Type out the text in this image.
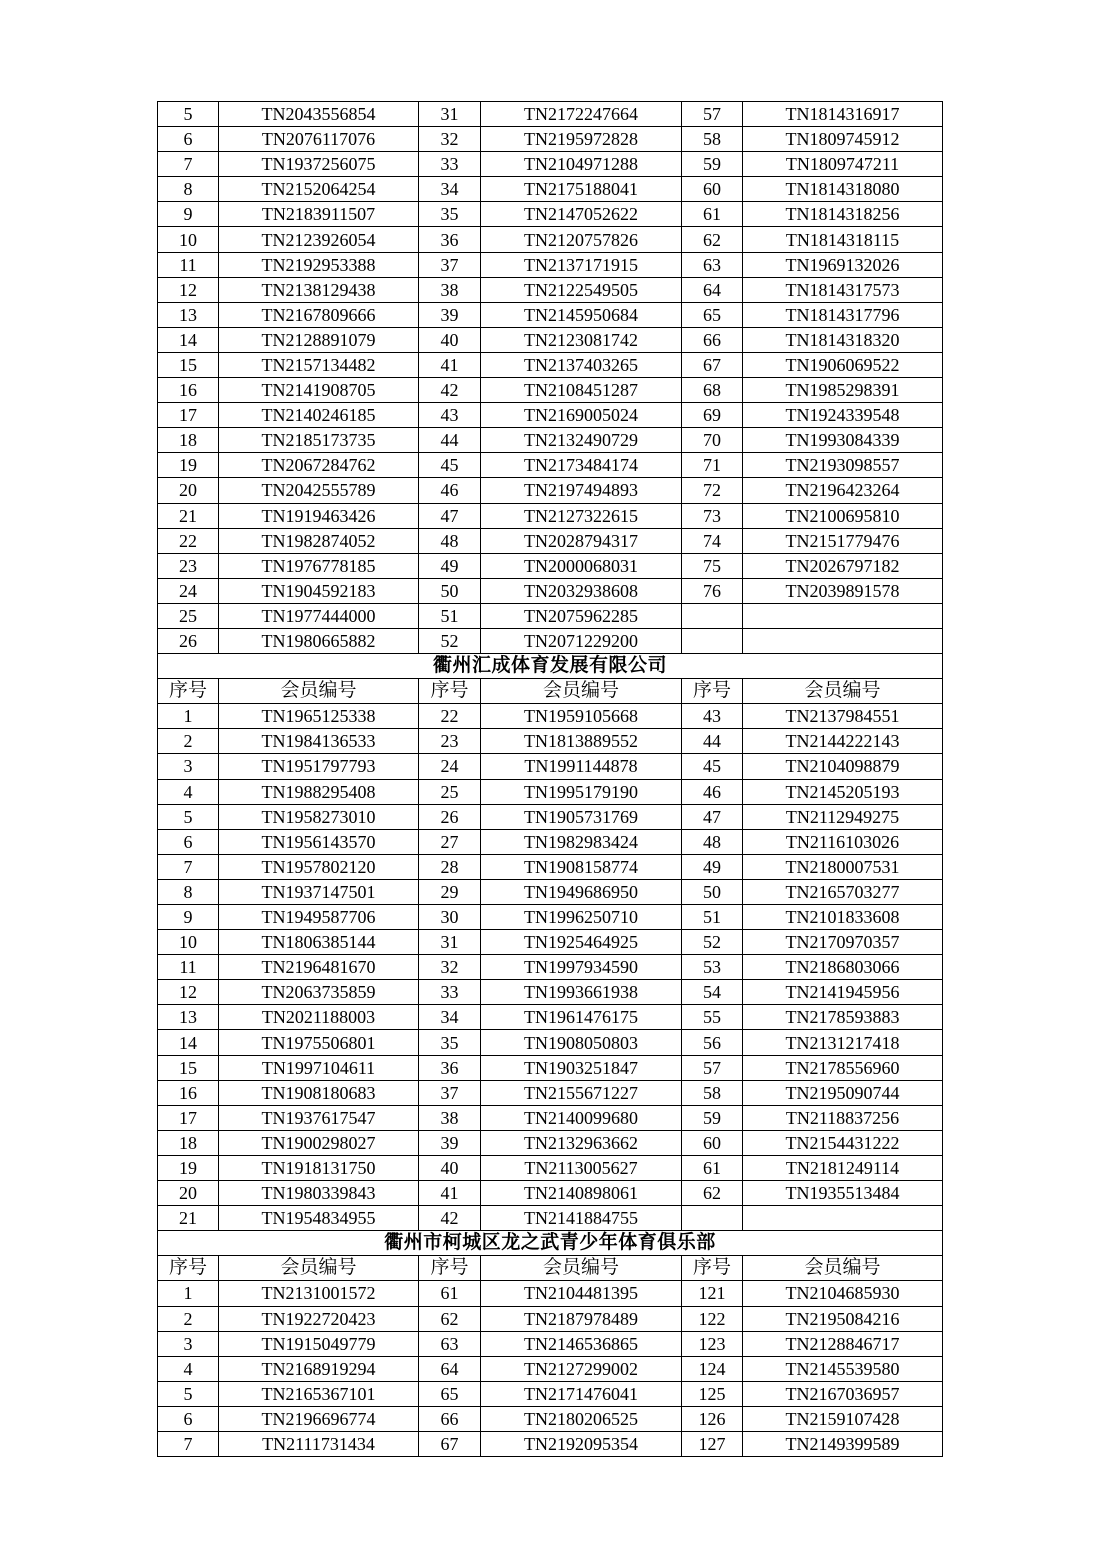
5	TN2043556854	31	TN2172247664	57	TN1814316917
6	TN2076117076	32	TN2195972828	58	TN1809745912
7	TN1937256075	33	TN2104971288	59	TN1809747211
8	TN2152064254	34	TN2175188041	60	TN1814318080
9	TN2183911507	35	TN2147052622	61	TN1814318256
10	TN2123926054	36	TN2120757826	62	TN1814318115
11	TN2192953388	37	TN2137171915	63	TN1969132026
12	TN2138129438	38	TN2122549505	64	TN1814317573
13	TN2167809666	39	TN2145950684	65	TN1814317796
14	TN2128891079	40	TN2123081742	66	TN1814318320
15	TN2157134482	41	TN2137403265	67	TN1906069522
16	TN2141908705	42	TN2108451287	68	TN1985298391
17	TN2140246185	43	TN2169005024	69	TN1924339548
18	TN2185173735	44	TN2132490729	70	TN1993084339
19	TN2067284762	45	TN2173484174	71	TN2193098557
20	TN2042555789	46	TN2197494893	72	TN2196423264
21	TN1919463426	47	TN2127322615	73	TN2100695810
22	TN1982874052	48	TN2028794317	74	TN2151779476
23	TN1976778185	49	TN2000068031	75	TN2026797182
24	TN1904592183	50	TN2032938608	76	TN2039891578
25	TN1977444000	51	TN2075962285		
26	TN1980665882	52	TN2071229200		
衢州汇成体育发展有限公司					
序号	会员编号	序号	会员编号	序号	会员编号
1	TN1965125338	22	TN1959105668	43	TN2137984551
2	TN1984136533	23	TN1813889552	44	TN2144222143
3	TN1951797793	24	TN1991144878	45	TN2104098879
4	TN1988295408	25	TN1995179190	46	TN2145205193
5	TN1958273010	26	TN1905731769	47	TN2112949275
6	TN1956143570	27	TN1982983424	48	TN2116103026
7	TN1957802120	28	TN1908158774	49	TN2180007531
8	TN1937147501	29	TN1949686950	50	TN2165703277
9	TN1949587706	30	TN1996250710	51	TN2101833608
10	TN1806385144	31	TN1925464925	52	TN2170970357
11	TN2196481670	32	TN1997934590	53	TN2186803066
12	TN2063735859	33	TN1993661938	54	TN2141945956
13	TN2021188003	34	TN1961476175	55	TN2178593883
14	TN1975506801	35	TN1908050803	56	TN2131217418
15	TN1997104611	36	TN1903251847	57	TN2178556960
16	TN1908180683	37	TN2155671227	58	TN2195090744
17	TN1937617547	38	TN2140099680	59	TN2118837256
18	TN1900298027	39	TN2132963662	60	TN2154431222
19	TN1918131750	40	TN2113005627	61	TN2181249114
20	TN1980339843	41	TN2140898061	62	TN1935513484
21	TN1954834955	42	TN2141884755		
衢州市柯城区龙之武青少年体育俱乐部					
序号	会员编号	序号	会员编号	序号	会员编号
1	TN2131001572	61	TN2104481395	121	TN2104685930
2	TN1922720423	62	TN2187978489	122	TN2195084216
3	TN1915049779	63	TN2146536865	123	TN2128846717
4	TN2168919294	64	TN2127299002	124	TN2145539580
5	TN2165367101	65	TN2171476041	125	TN2167036957
6	TN2196696774	66	TN2180206525	126	TN2159107428
7	TN2111731434	67	TN2192095354	127	TN2149399589
